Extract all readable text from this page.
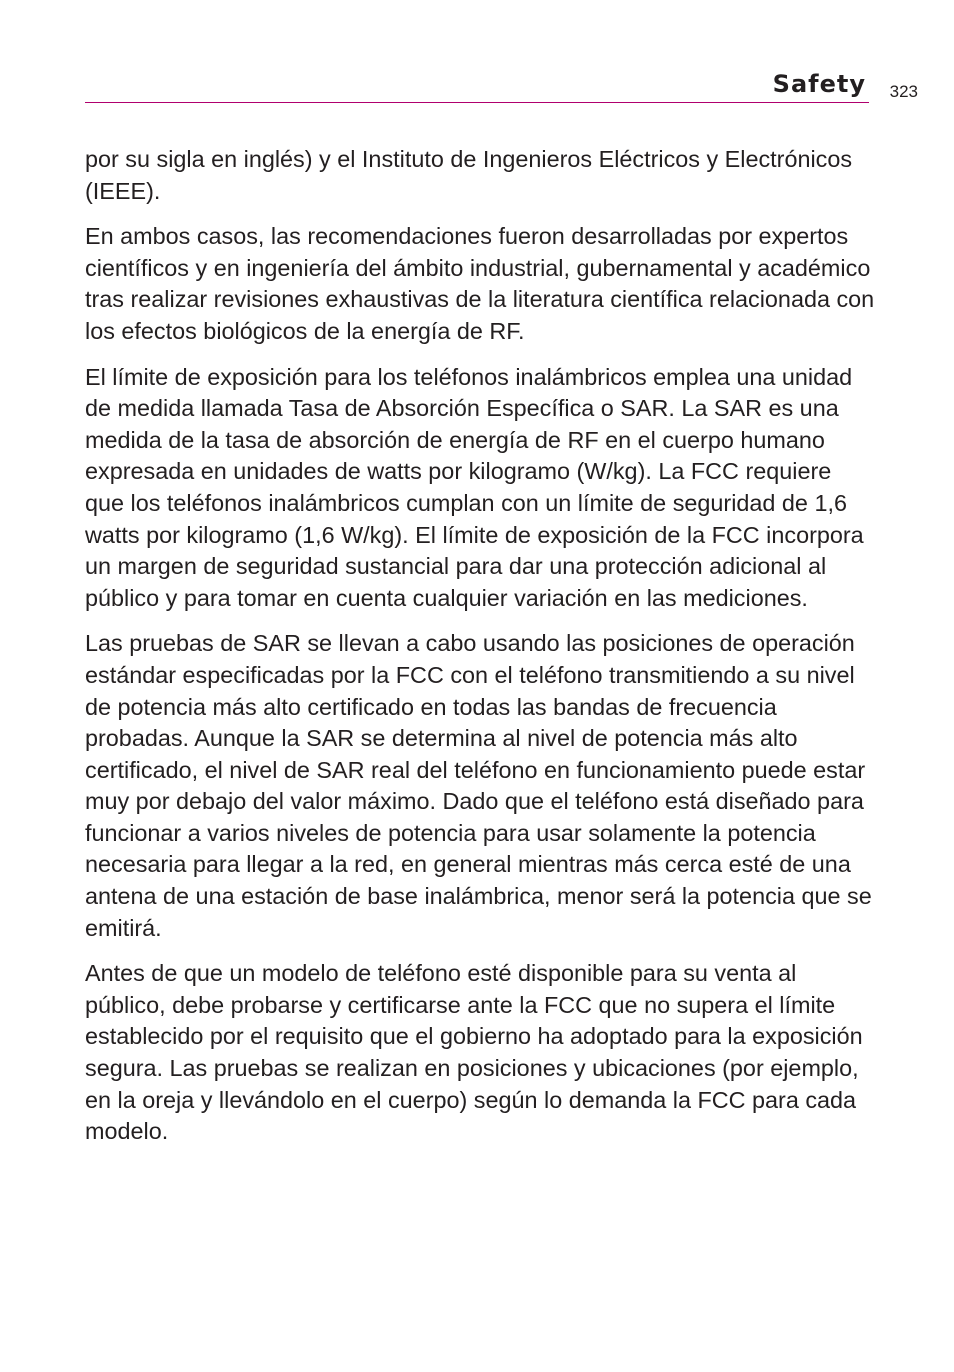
Safety 323

por su sigla en inglés) y el Instituto de Ingenieros Eléctricos y Electrónicos (IEEE).

En ambos casos, las recomendaciones fueron desarrolladas por expertos científicos y en ingeniería del ámbito industrial, gubernamental y académico tras realizar revisiones exhaustivas de la literatura científica relacionada con los efectos biológicos de la energía de RF.

El límite de exposición para los teléfonos inalámbricos emplea una unidad de medida llamada Tasa de Absorción Específica o SAR. La SAR es una medida de la tasa de absorción de energía de RF en el cuerpo humano expresada en unidades de watts por kilogramo (W/kg). La FCC requiere que los teléfonos inalámbricos cumplan con un límite de seguridad de 1,6 watts por kilogramo (1,6 W/kg). El límite de exposición de la FCC incorpora un margen de seguridad sustancial para dar una protección adicional al público y para tomar en cuenta cualquier variación en las mediciones.

Las pruebas de SAR se llevan a cabo usando las posiciones de operación estándar especificadas por la FCC con el teléfono transmitiendo a su nivel de potencia más alto certificado en todas las bandas de frecuencia probadas. Aunque la SAR se determina al nivel de potencia más alto certificado, el nivel de SAR real del teléfono en funcionamiento puede estar muy por debajo del valor máximo. Dado que el teléfono está diseñado para funcionar a varios niveles de potencia para usar solamente la potencia necesaria para llegar a la red, en general mientras más cerca esté de una antena de una estación de base inalámbrica, menor será la potencia que se emitirá.

Antes de que un modelo de teléfono esté disponible para su venta al público, debe probarse y certificarse ante la FCC que no supera el límite establecido por el requisito que el gobierno ha adoptado para la exposición segura. Las pruebas se realizan en posiciones y ubicaciones (por ejemplo, en la oreja y llevándolo en el cuerpo) según lo demanda la FCC para cada modelo.
